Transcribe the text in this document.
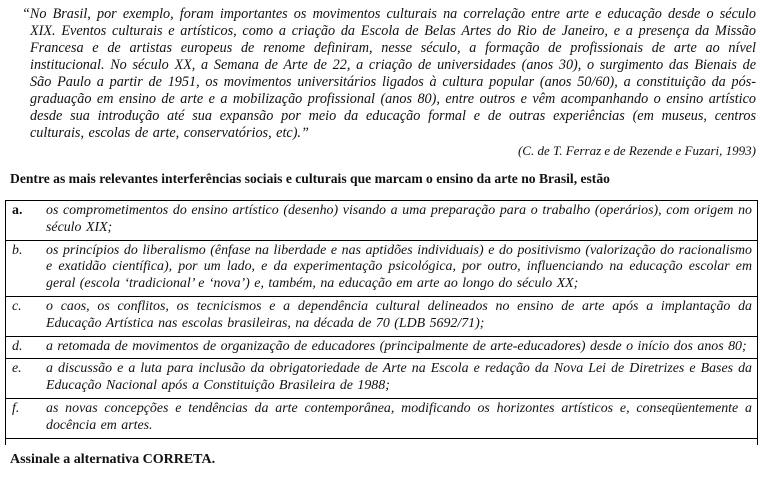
“No Brasil, por exemplo, foram importantes os movimentos culturais na correlação entre arte e educação desde o século XIX. Eventos culturais e artísticos, como a criação da Escola de Belas Artes do Rio de Janeiro, e a presença da Missão Francesa e de artistas europeus de renome definiram, nesse século, a formação de profissionais de arte ao nível institucional. No século XX, a Semana de Arte de 22, a criação de universidades (anos 30), o surgimento das Bienais de São Paulo a partir de 1951, os movimentos universitários ligados à cultura popular (anos 50/60), a constituição da pós-graduação em ensino de arte e a mobilização profissional (anos 80), entre outros e vêm acompanhando o ensino artístico desde sua introdução até sua expansão por meio da educação formal e de outras experiências (em museus, centros culturais, escolas de arte, conservatórios, etc).”

(C. de T. Ferraz e de Rezende e Fuzari, 1993)

Dentre as mais relevantes interferências sociais e culturais que marcam o ensino da arte no Brasil, estão

a.	os comprometimentos do ensino artístico (desenho) visando a uma preparação para o trabalho (operários), com origem no século XIX;
b.	os princípios do liberalismo (ênfase na liberdade e nas aptidões individuais) e do positivismo (valorização do racionalismo e exatidão científica), por um lado, e da experimentação psicológica, por outro, influenciando na educação escolar em geral (escola ‘tradicional’ e ‘nova’) e, também, na educação em arte ao longo do século XX;
c.	o caos, os conflitos, os tecnicismos e a dependência cultural delineados no ensino de arte após a implantação da Educação Artística nas escolas brasileiras, na década de 70 (LDB 5692/71);
d.	a retomada de movimentos de organização de educadores (principalmente de arte-educadores) desde o início dos anos 80;
e.	a discussão e a luta para inclusão da obrigatoriedade de Arte na Escola e redação da Nova Lei de Diretrizes e Bases da Educação Nacional após a Constituição Brasileira de 1988;
f.	as novas concepções e tendências da arte contemporânea, modificando os horizontes artísticos e, conseqüentemente a docência em artes.

Assinale a alternativa CORRETA.
